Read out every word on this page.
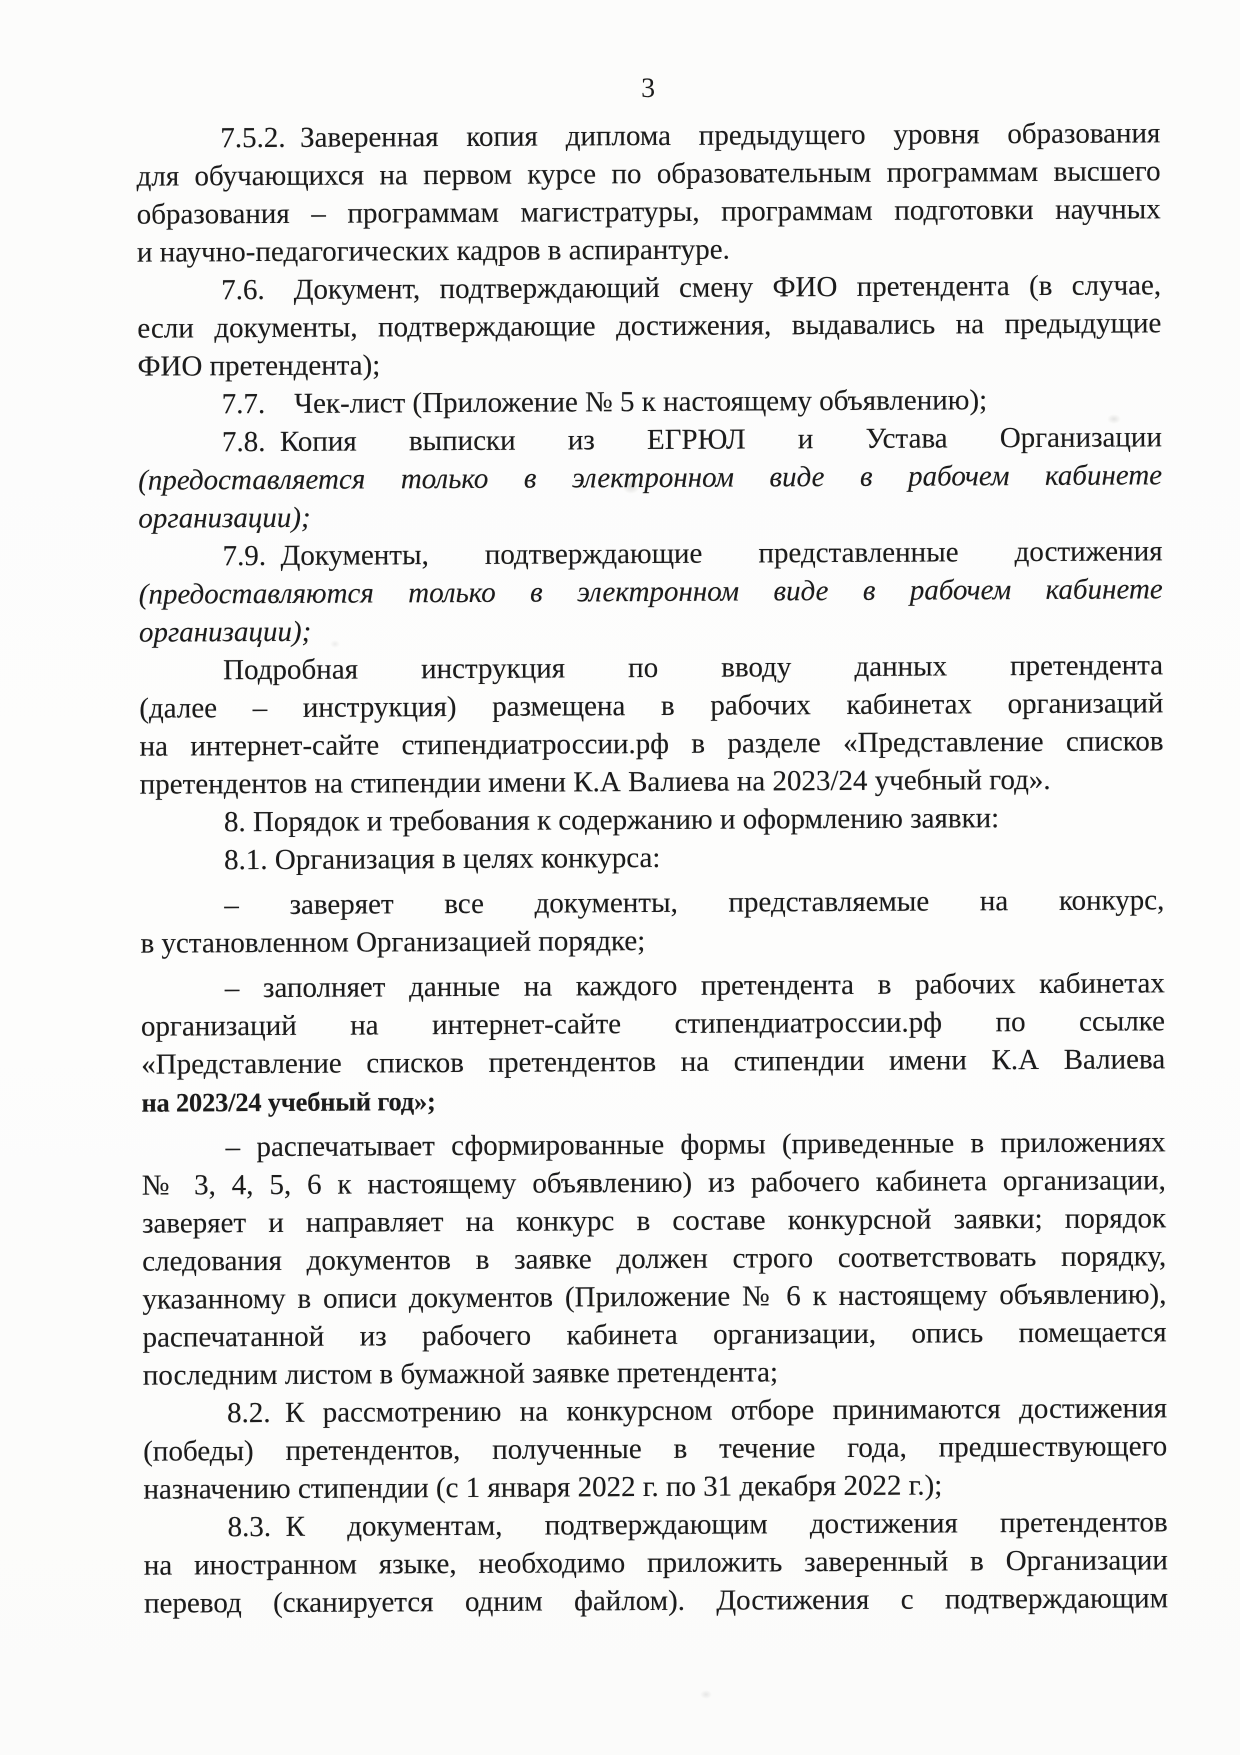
3
7.5.2. Заверенная копия диплома предыдущего уровня образования
для обучающихся на первом курсе по образовательным программам высшего
образования – программам магистратуры, программам подготовки научных
и научно-педагогических кадров в аспирантуре.
7.6. Документ, подтверждающий смену ФИО претендента (в случае,
если документы, подтверждающие достижения, выдавались на предыдущие
ФИО претендента);
7.7. Чек-лист (Приложение № 5 к настоящему объявлению);
7.8. Копия выписки из ЕГРЮЛ и Устава Организации
(предоставляется только в электронном виде в рабочем кабинете
организации);
7.9. Документы, подтверждающие представленные достижения
(предоставляются только в электронном виде в рабочем кабинете
организации);
Подробная инструкция по вводу данных претендента
(далее – инструкция) размещена в рабочих кабинетах организаций
на интернет-сайте стипендиатроссии.рф в разделе «Представление списков
претендентов на стипендии имени К.А Валиева на 2023/24 учебный год».
8. Порядок и требования к содержанию и оформлению заявки:
8.1. Организация в целях конкурса:
– заверяет все документы, представляемые на конкурс,
в установленном Организацией порядке;
– заполняет данные на каждого претендента в рабочих кабинетах
организаций на интернет-сайте стипендиатроссии.рф по ссылке
«Представление списков претендентов на стипендии имени К.А Валиева
на 2023/24 учебный год»;
– распечатывает сформированные формы (приведенные в приложениях
№ 3, 4, 5, 6 к настоящему объявлению) из рабочего кабинета организации,
заверяет и направляет на конкурс в составе конкурсной заявки; порядок
следования документов в заявке должен строго соответствовать порядку,
указанному в описи документов (Приложение № 6 к настоящему объявлению),
распечатанной из рабочего кабинета организации, опись помещается
последним листом в бумажной заявке претендента;
8.2. К рассмотрению на конкурсном отборе принимаются достижения
(победы) претендентов, полученные в течение года, предшествующего
назначению стипендии (с 1 января 2022 г. по 31 декабря 2022 г.);
8.3. К документам, подтверждающим достижения претендентов
на иностранном языке, необходимо приложить заверенный в Организации
перевод (сканируется одним файлом). Достижения с подтверждающим
